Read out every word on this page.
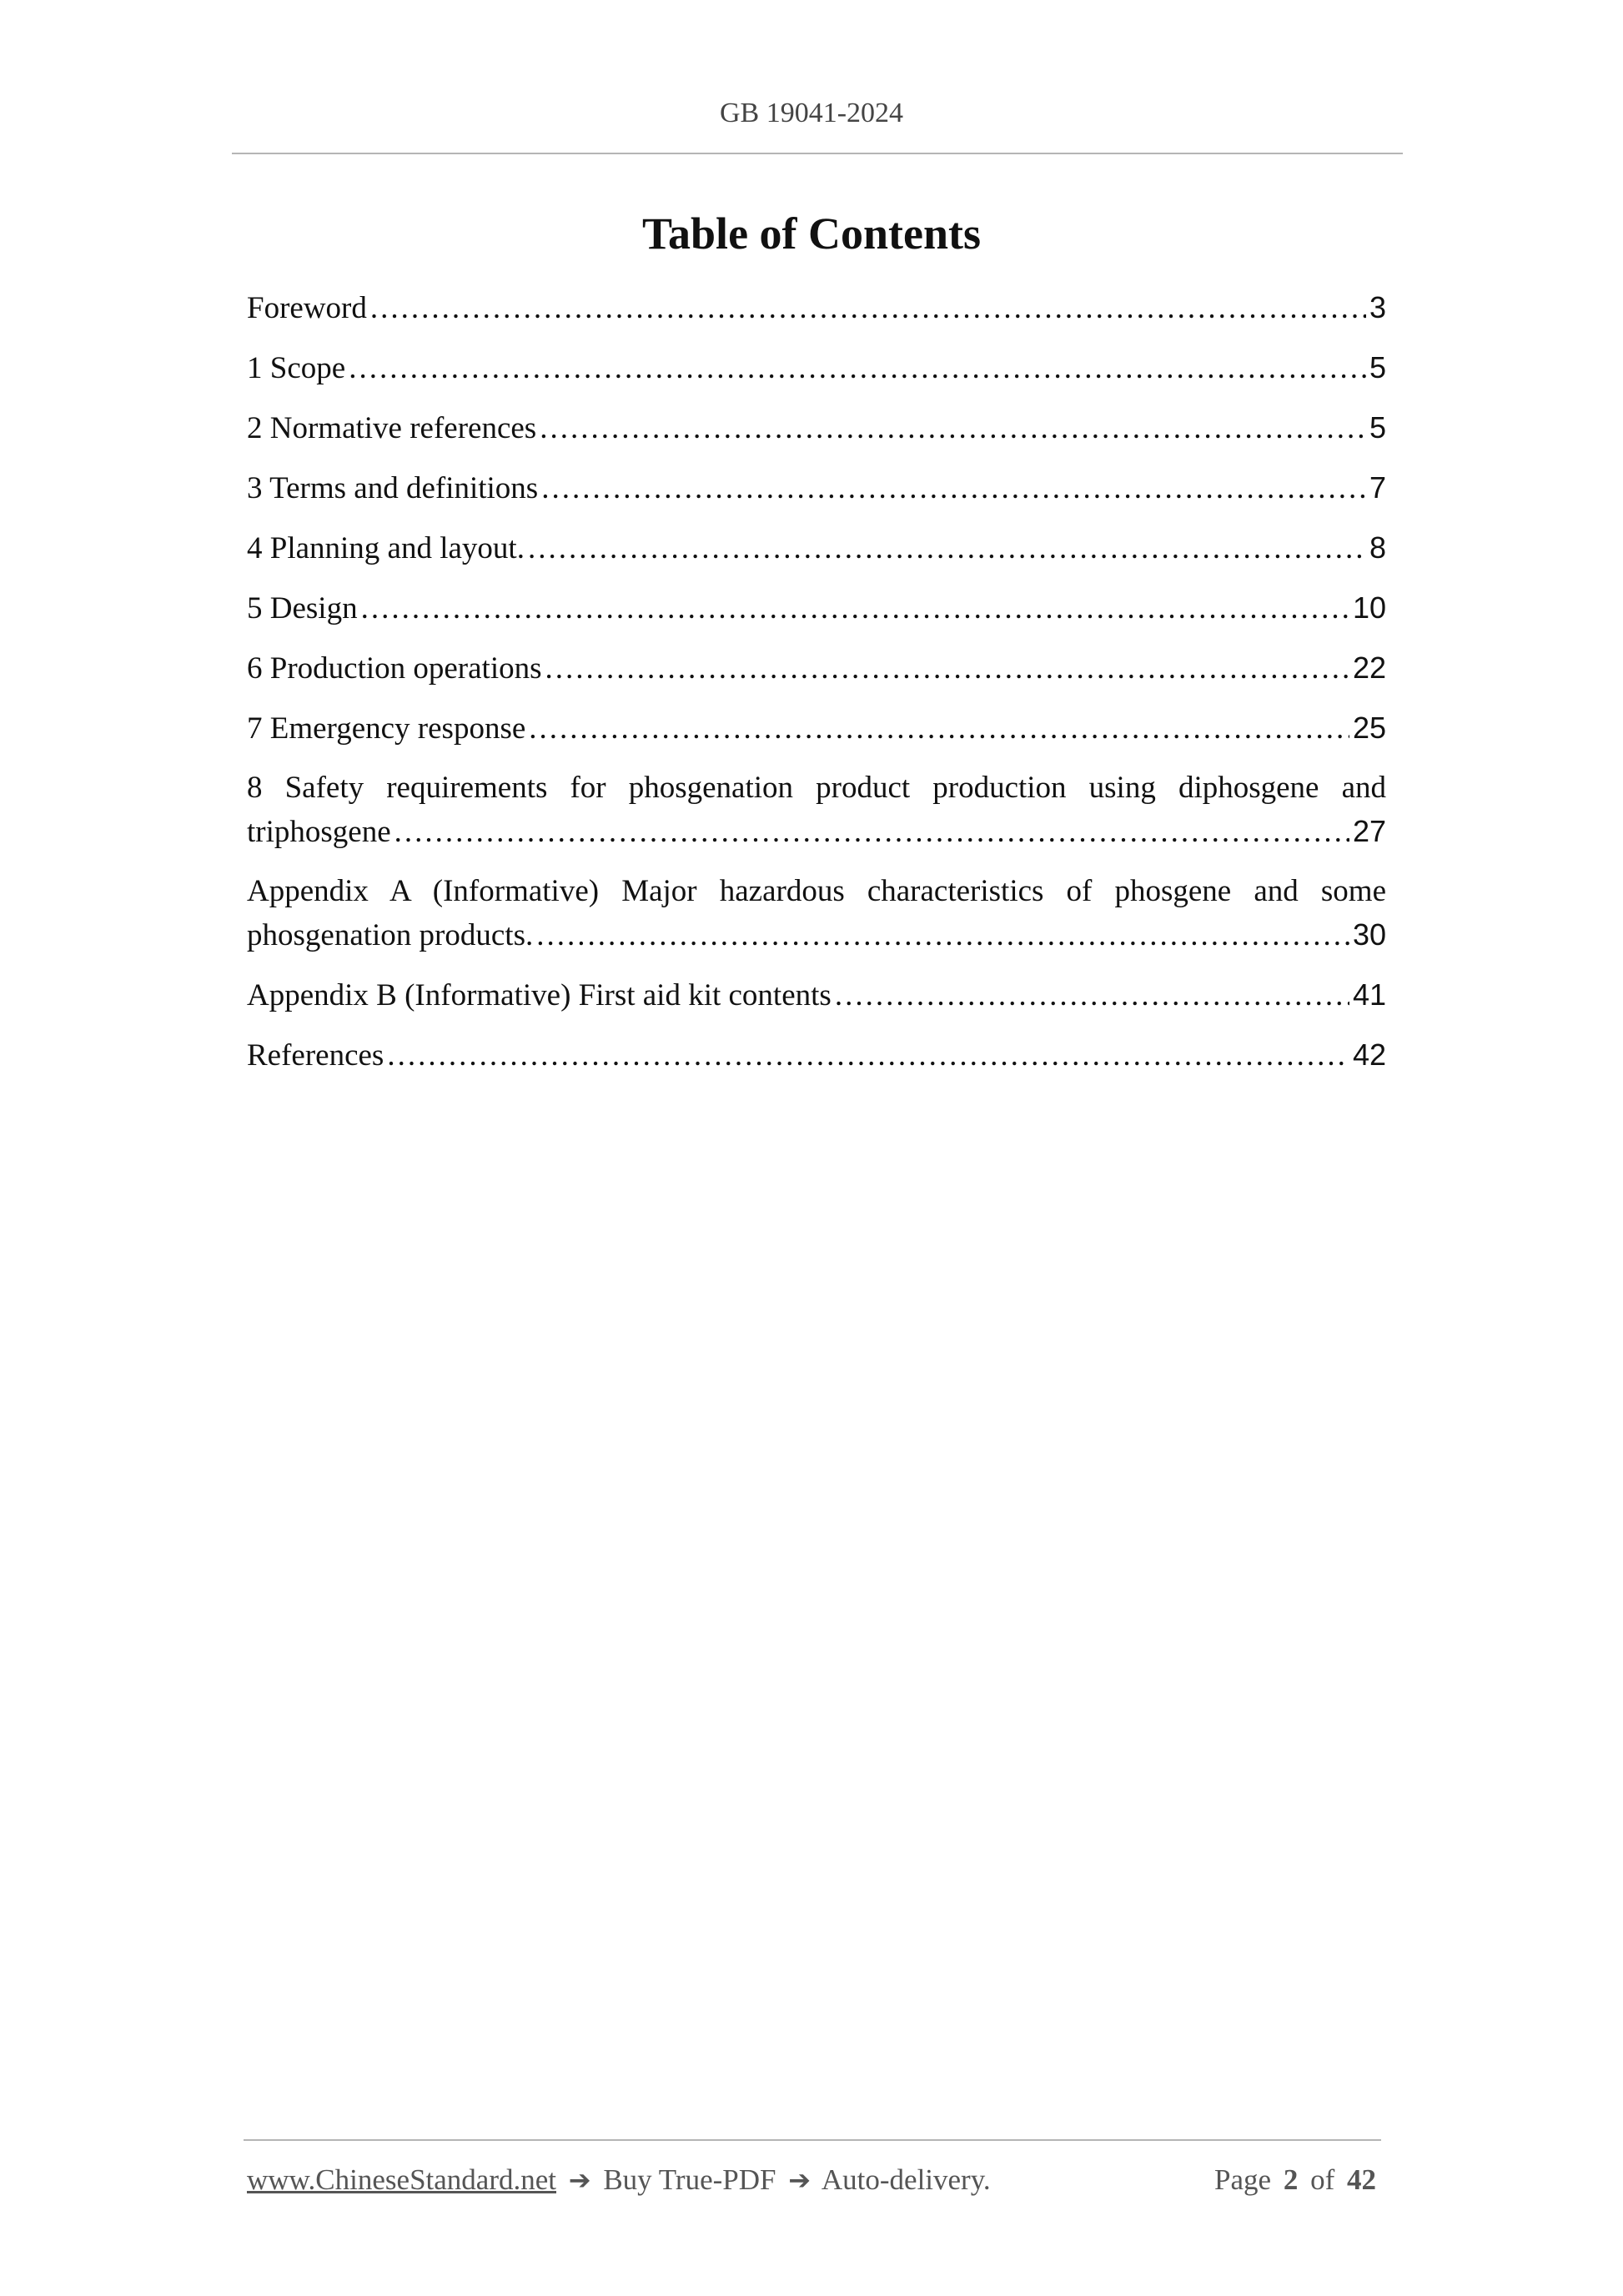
GB 19041-2024
Table of Contents
Foreword .....	3
1 Scope .....	5
2 Normative references .....	5
3 Terms and definitions .....	7
4 Planning and layout. .....	8
5 Design .....	10
6 Production operations .....	22
7 Emergency response .....	25
8 Safety requirements for phosgenation product production using diphosgene and
triphosgene .....	27
Appendix A (Informative) Major hazardous characteristics of phosgene and some
phosgenation products. .....	30
Appendix B (Informative) First aid kit contents .....	41
References .....	42
www.ChineseStandard.net ➔ Buy True-PDF ➔ Auto-delivery.	Page 2 of 42
